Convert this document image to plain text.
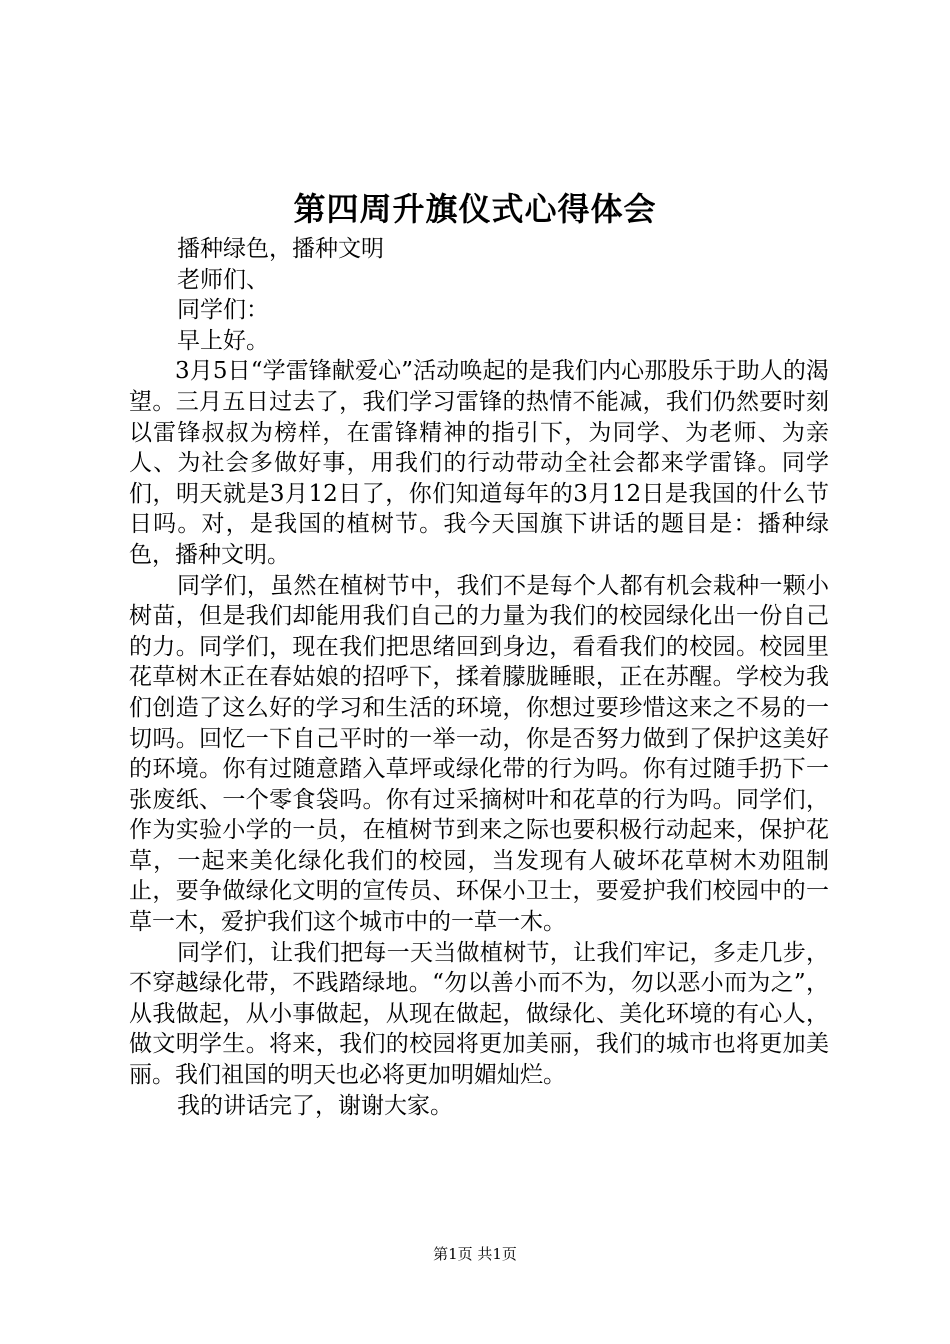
第四周升旗仪式心得体会

播种绿色，播种文明

老师们、

同学们：

早上好。

3月5日“学雷锋献爱心”活动唤起的是我们内心那股乐于助人的渴望。三月五日过去了，我们学习雷锋的热情不能减，我们仍然要时刻以雷锋叔叔为榜样，在雷锋精神的指引下，为同学、为老师、为亲人、为社会多做好事，用我们的行动带动全社会都来学雷锋。同学们，明天就是3月12日了，你们知道每年的3月12日是我国的什么节日吗。对，是我国的植树节。我今天国旗下讲话的题目是：播种绿色，播种文明。

同学们，虽然在植树节中，我们不是每个人都有机会栽种一颗小树苗，但是我们却能用我们自己的力量为我们的校园绿化出一份自己的力。同学们，现在我们把思绪回到身边，看看我们的校园。校园里花草树木正在春姑娘的招呼下，揉着朦胧睡眼，正在苏醒。学校为我们创造了这么好的学习和生活的环境，你想过要珍惜这来之不易的一切吗。回忆一下自己平时的一举一动，你是否努力做到了保护这美好的环境。你有过随意踏入草坪或绿化带的行为吗。你有过随手扔下一张废纸、一个零食袋吗。你有过采摘树叶和花草的行为吗。同学们，作为实验小学的一员，在植树节到来之际也要积极行动起来，保护花草，一起来美化绿化我们的校园，当发现有人破坏花草树木劝阻制止，要争做绿化文明的宣传员、环保小卫士，要爱护我们校园中的一草一木，爱护我们这个城市中的一草一木。

同学们，让我们把每一天当做植树节，让我们牢记，多走几步，不穿越绿化带，不践踏绿地。“勿以善小而不为，勿以恶小而为之”，从我做起，从小事做起，从现在做起，做绿化、美化环境的有心人，做文明学生。将来，我们的校园将更加美丽，我们的城市也将更加美丽。我们祖国的明天也必将更加明媚灿烂。

我的讲话完了，谢谢大家。

第1页 共1页
